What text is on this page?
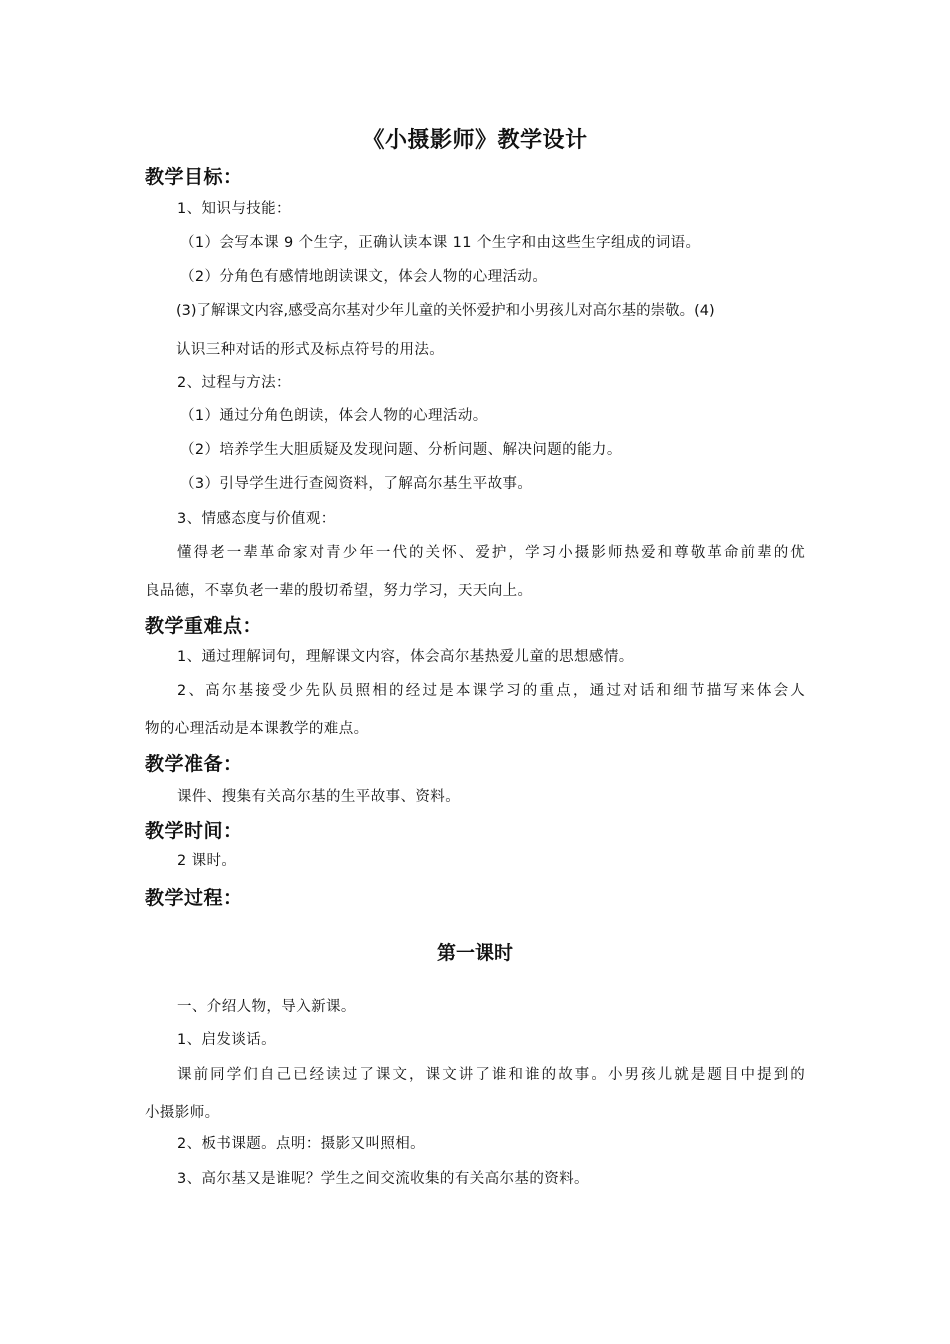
《小摄影师》教学设计
教学目标：
1、知识与技能：
（1）会写本课 9 个生字，正确认读本课 11 个生字和由这些生字组成的词语。
（2）分角色有感情地朗读课文，体会人物的心理活动。
(3)了解课文内容,感受高尔基对少年儿童的关怀爱护和小男孩儿对高尔基的崇敬。(4)
认识三种对话的形式及标点符号的用法。
2、过程与方法：
（1）通过分角色朗读，体会人物的心理活动。
（2）培养学生大胆质疑及发现问题、分析问题、解决问题的能力。
（3）引导学生进行查阅资料，了解高尔基生平故事。
3、情感态度与价值观：
懂得老一辈革命家对青少年一代的关怀、爱护，学习小摄影师热爱和尊敬革命前辈的优
良品德，不辜负老一辈的殷切希望，努力学习，天天向上。
教学重难点：
1、通过理解词句，理解课文内容，体会高尔基热爱儿童的思想感情。
2、高尔基接受少先队员照相的经过是本课学习的重点，通过对话和细节描写来体会人
物的心理活动是本课教学的难点。
教学准备：
课件、搜集有关高尔基的生平故事、资料。
教学时间：
2 课时。
教学过程：
第一课时
一、介绍人物，导入新课。
1、启发谈话。
课前同学们自己已经读过了课文，课文讲了谁和谁的故事。小男孩儿就是题目中提到的
小摄影师。
2、板书课题。点明：摄影又叫照相。
3、高尔基又是谁呢？学生之间交流收集的有关高尔基的资料。
